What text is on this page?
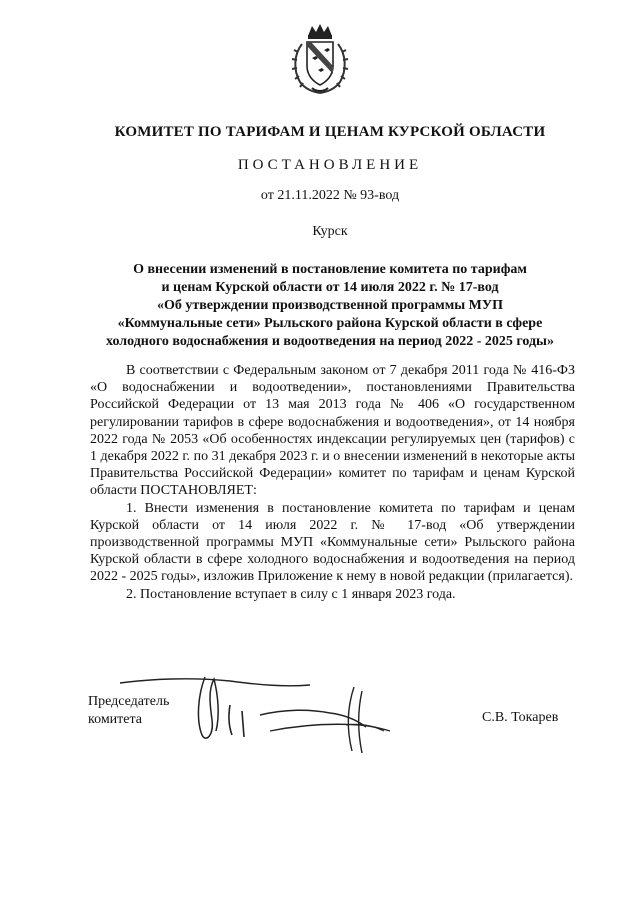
КОМИТЕТ ПО ТАРИФАМ И ЦЕНАМ КУРСКОЙ ОБЛАСТИ
ПОСТАНОВЛЕНИЕ
от 21.11.2022 № 93-вод
Курск
О внесении изменений в постановление комитета по тарифам
и ценам Курской области от 14 июля 2022 г. № 17-вод
«Об утверждении производственной программы МУП
«Коммунальные сети» Рыльского района Курской области в сфере
холодного водоснабжения и водоотведения на период 2022 - 2025 годы»

В соответствии с Федеральным законом от 7 декабря 2011 года № 416-ФЗ «О водоснабжении и водоотведении», постановлениями Правительства Российской Федерации от 13 мая 2013 года № 406 «О государственном регулировании тарифов в сфере водоснабжения и водоотведения», от 14 ноября 2022 года № 2053 «Об особенностях индексации регулируемых цен (тарифов) с 1 декабря 2022 г. по 31 декабря 2023 г. и о внесении изменений в некоторые акты Правительства Российской Федерации» комитет по тарифам и ценам Курской области ПОСТАНОВЛЯЕТ:

1. Внести изменения в постановление комитета по тарифам и ценам Курской области от 14 июля 2022 г. № 17-вод «Об утверждении производственной программы МУП «Коммунальные сети» Рыльского района Курской области в сфере холодного водоснабжения и водоотведения на период 2022 - 2025 годы», изложив Приложение к нему в новой редакции (прилагается).

2. Постановление вступает в силу с 1 января 2023 года.

Председатель
комитета	С.В. Токарев
